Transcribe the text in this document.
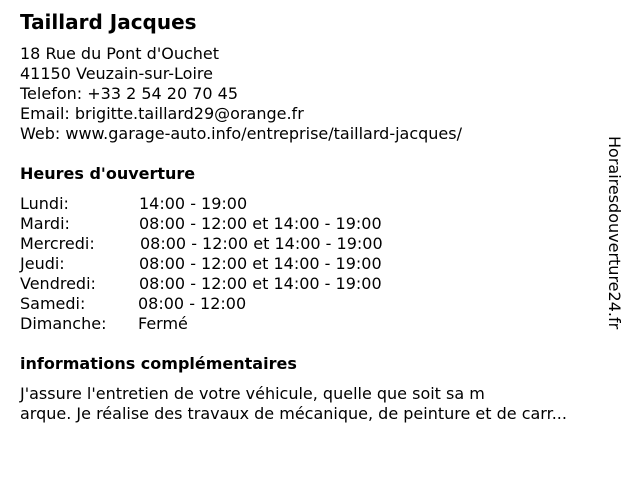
Taillard Jacques
18 Rue du Pont d'Ouchet
41150 Veuzain-sur-Loire
Telefon: +33 2 54 20 70 45
Email: brigitte.taillard29@orange.fr
Web: www.garage-auto.info/entreprise/taillard-jacques/
Heures d'ouverture
Lundi:	14:00 - 19:00
Mardi:	08:00 - 12:00 et 14:00 - 19:00
Mercredi:	08:00 - 12:00 et 14:00 - 19:00
Jeudi:	08:00 - 12:00 et 14:00 - 19:00
Vendredi:	08:00 - 12:00 et 14:00 - 19:00
Samedi:	08:00 - 12:00
Dimanche: Fermé
informations complémentaires
J'assure l'entretien de votre véhicule, quelle que soit sa m
arque. Je réalise des travaux de mécanique, de peinture et de carr...
Horairesdouverture24.fr
